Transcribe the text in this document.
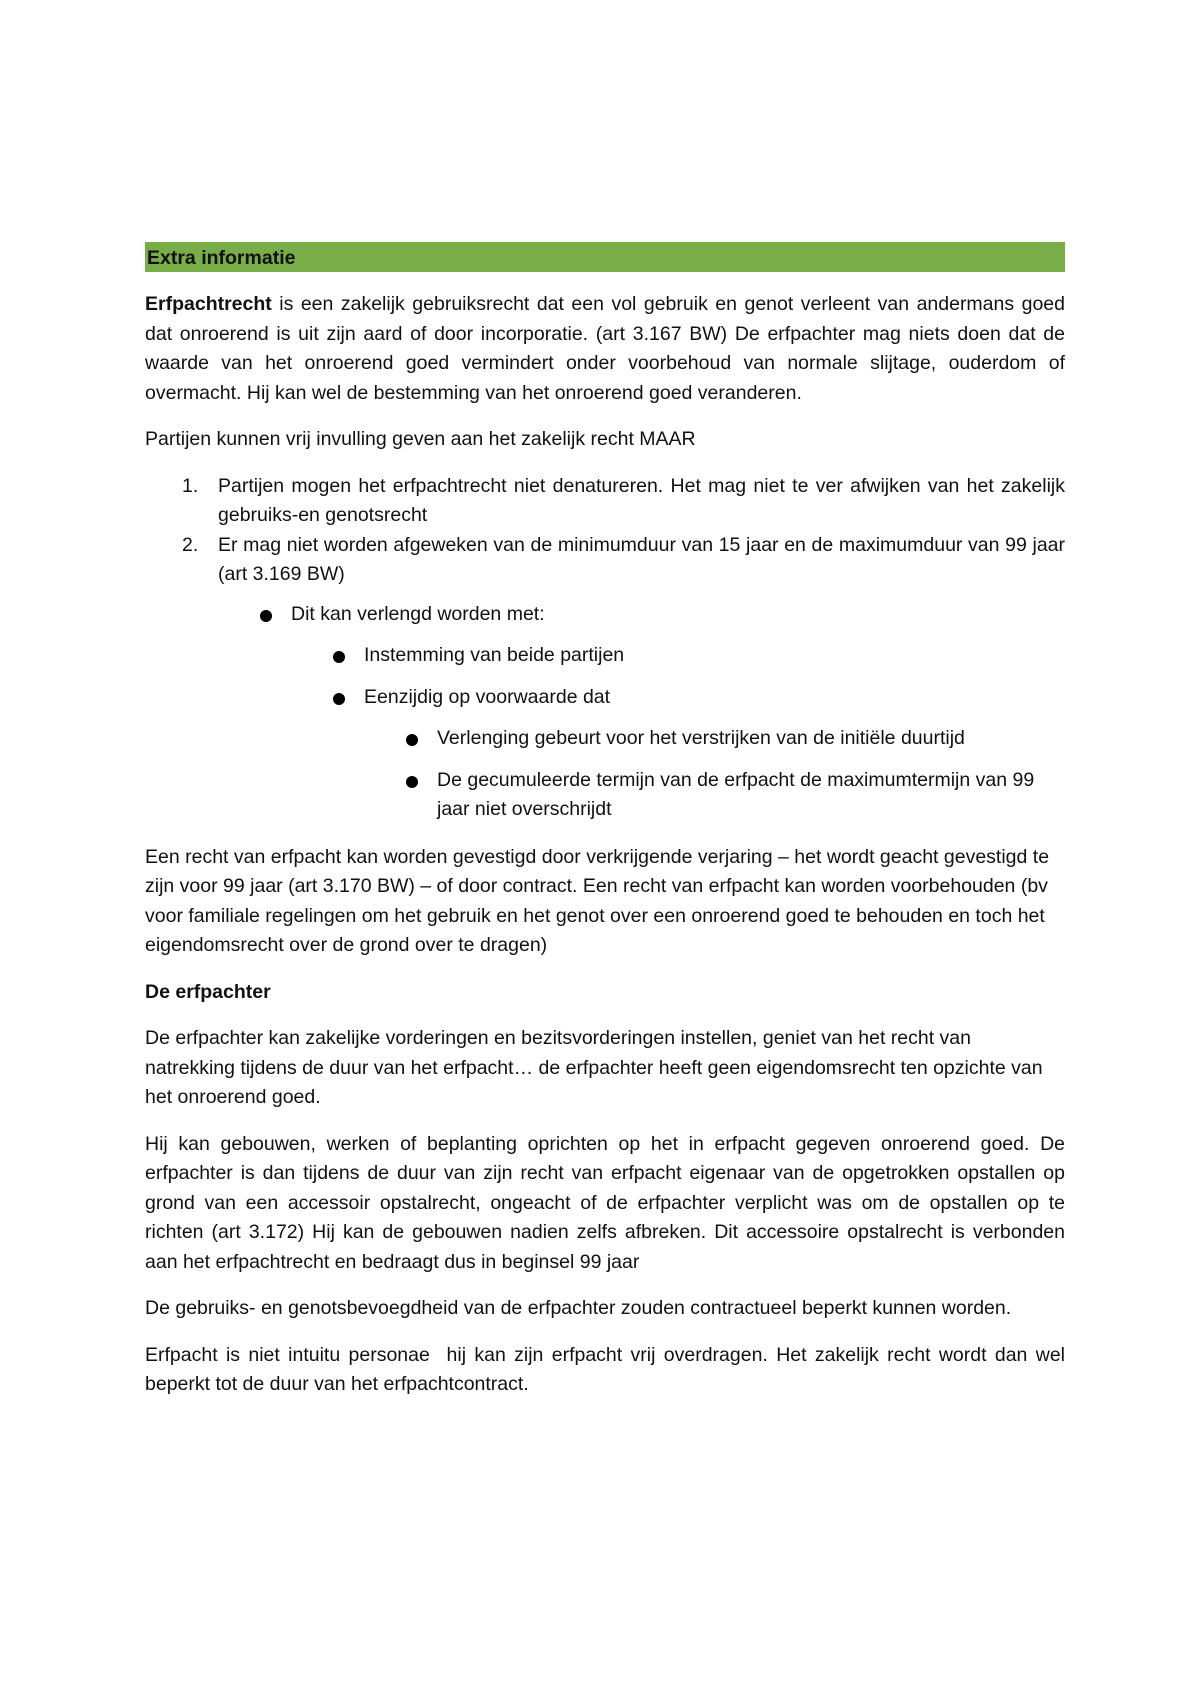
Extra informatie

Erfpachtrecht is een zakelijk gebruiksrecht dat een vol gebruik en genot verleent van andermans goed dat onroerend is uit zijn aard of door incorporatie. (art 3.167 BW) De erfpachter mag niets doen dat de waarde van het onroerend goed vermindert onder voorbehoud van normale slijtage, ouderdom of overmacht. Hij kan wel de bestemming van het onroerend goed veranderen.

Partijen kunnen vrij invulling geven aan het zakelijk recht MAAR

1. Partijen mogen het erfpachtrecht niet denatureren. Het mag niet te ver afwijken van het zakelijk gebruiks-en genotsrecht
2. Er mag niet worden afgeweken van de minimumduur van 15 jaar en de maximumduur van 99 jaar (art 3.169 BW)
Dit kan verlengd worden met:
Instemming van beide partijen
Eenzijdig op voorwaarde dat
Verlenging gebeurt voor het verstrijken van de initiële duurtijd
De gecumuleerde termijn van de erfpacht de maximumtermijn van 99 jaar niet overschrijdt

Een recht van erfpacht kan worden gevestigd door verkrijgende verjaring – het wordt geacht gevestigd te zijn voor 99 jaar (art 3.170 BW) – of door contract. Een recht van erfpacht kan worden voorbehouden (bv voor familiale regelingen om het gebruik en het genot over een onroerend goed te behouden en toch het eigendomsrecht over de grond over te dragen)

De erfpachter

De erfpachter kan zakelijke vorderingen en bezitsvorderingen instellen, geniet van het recht van natrekking tijdens de duur van het erfpacht… de erfpachter heeft geen eigendomsrecht ten opzichte van het onroerend goed.

Hij kan gebouwen, werken of beplanting oprichten op het in erfpacht gegeven onroerend goed. De erfpachter is dan tijdens de duur van zijn recht van erfpacht eigenaar van de opgetrokken opstallen op grond van een accessoir opstalrecht, ongeacht of de erfpachter verplicht was om de opstallen op te richten (art 3.172) Hij kan de gebouwen nadien zelfs afbreken. Dit accessoire opstalrecht is verbonden aan het erfpachtrecht en bedraagt dus in beginsel 99 jaar

De gebruiks- en genotsbevoegdheid van de erfpachter zouden contractueel beperkt kunnen worden.

Erfpacht is niet intuitu personae  hij kan zijn erfpacht vrij overdragen. Het zakelijk recht wordt dan wel beperkt tot de duur van het erfpachtcontract.
